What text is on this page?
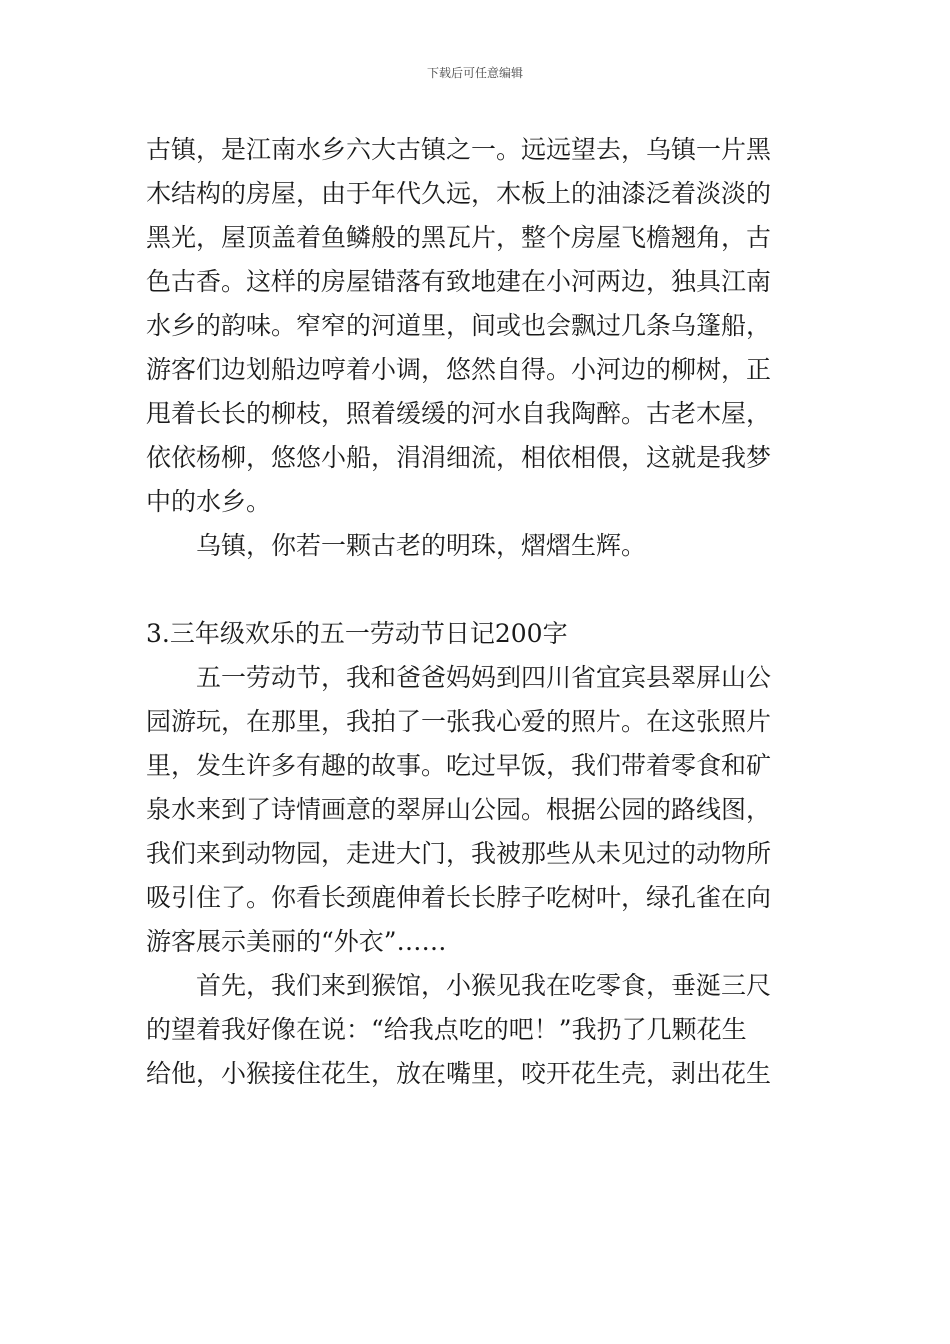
下载后可任意编辑
古镇，是江南水乡六大古镇之一。远远望去，乌镇一片黑
木结构的房屋，由于年代久远，木板上的油漆泛着淡淡的
黑光，屋顶盖着鱼鳞般的黑瓦片，整个房屋飞檐翘角，古
色古香。这样的房屋错落有致地建在小河两边，独具江南
水乡的韵味。窄窄的河道里，间或也会飘过几条乌篷船，
游客们边划船边哼着小调，悠然自得。小河边的柳树，正
甩着长长的柳枝，照着缓缓的河水自我陶醉。古老木屋，
依依杨柳，悠悠小船，涓涓细流，相依相偎，这就是我梦
中的水乡。
乌镇，你若一颗古老的明珠，熠熠生辉。
3.三年级欢乐的五一劳动节日记200字
五一劳动节，我和爸爸妈妈到四川省宜宾县翠屏山公
园游玩，在那里，我拍了一张我心爱的照片。在这张照片
里，发生许多有趣的故事。吃过早饭，我们带着零食和矿
泉水来到了诗情画意的翠屏山公园。根据公园的路线图，
我们来到动物园，走进大门，我被那些从未见过的动物所
吸引住了。你看长颈鹿伸着长长脖子吃树叶，绿孔雀在向
游客展示美丽的“外衣”……
首先，我们来到猴馆，小猴见我在吃零食，垂涎三尺
的望着我好像在说：“给我点吃的吧！”我扔了几颗花生
给他，小猴接住花生，放在嘴里，咬开花生壳，剥出花生
